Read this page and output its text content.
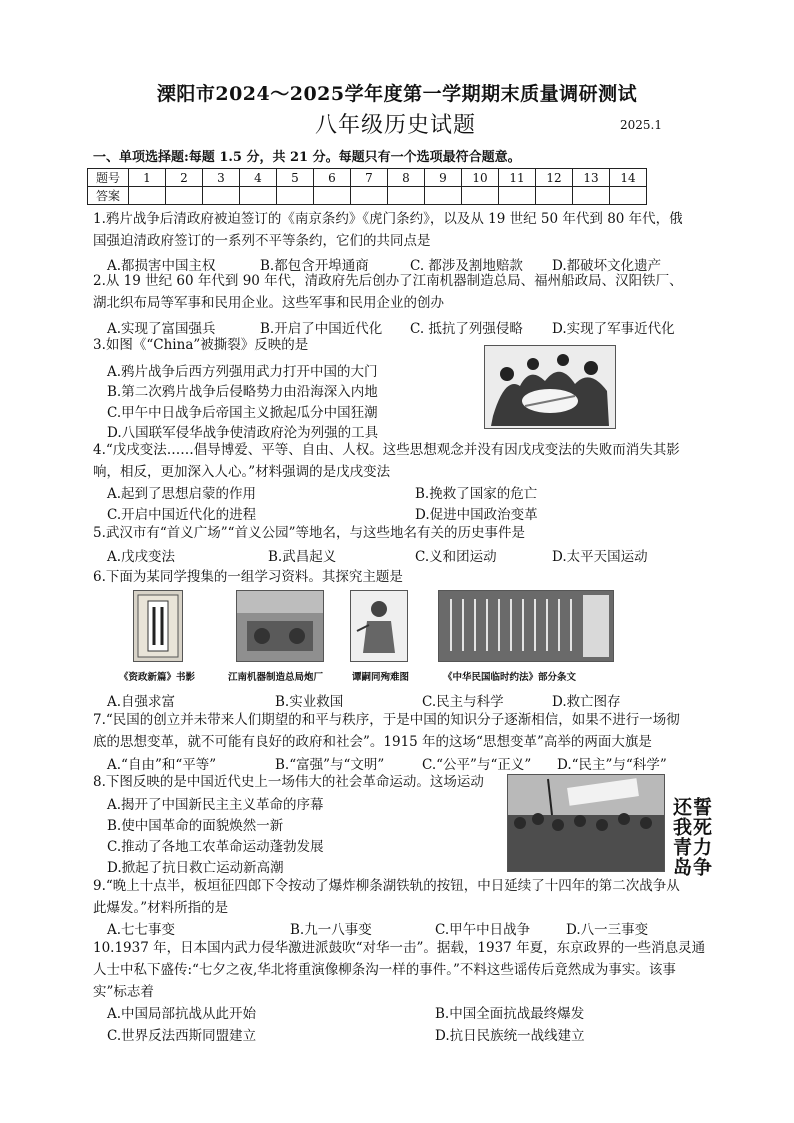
溧阳市2024～2025学年度第一学期期末质量调研测试
八年级历史试题	2025.1
一、单项选择题:每题 1.5 分，共 21 分。每题只有一个选项最符合题意。
题号	1	2	3	4	5	6	7	8	9	10	11	12	13	14
答案														
1.鸦片战争后清政府被迫签订的《南京条约》《虎门条约》，以及从 19 世纪 50 年代到 80 年代，俄
国强迫清政府签订的一系列不平等条约，它们的共同点是
A.都损害中国主权	B.都包含开埠通商	C. 都涉及割地赔款 D.都破坏文化遗产
2.从 19 世纪 60 年代到 90 年代，清政府先后创办了江南机器制造总局、福州船政局、汉阳铁厂、
湖北织布局等军事和民用企业。这些军事和民用企业的创办
A.实现了富国强兵	B.开启了中国近代化 C. 抵抗了列强侵略 D.实现了军事近代化
3.如图《“China”被撕裂》反映的是
A.鸦片战争后西方列强用武力打开中国的大门
B.第二次鸦片战争后侵略势力由沿海深入内地
C.甲午中日战争后帝国主义掀起瓜分中国狂潮
D.八国联军侵华战争使清政府沦为列强的工具
4.“戊戌变法……倡导博爱、平等、自由、人权。这些思想观念并没有因戊戌变法的失败而消失其影
响，相反，更加深入人心。”材料强调的是戊戌变法
A.起到了思想启蒙的作用	B.挽救了国家的危亡
C.开启中国近代化的进程	D.促进中国政治变革
5.武汉市有“首义广场”“首义公园”等地名，与这些地名有关的历史事件是
A.戊戌变法	B.武昌起义	C.义和团运动	D.太平天国运动
6.下面为某同学搜集的一组学习资料。其探究主题是
《资政新篇》书影	江南机器制造总局炮厂	谭嗣同殉难图	《中华民国临时约法》部分条文
A.自强求富	B.实业救国	C.民主与科学	D.救亡图存
7.“民国的创立并未带来人们期望的和平与秩序，于是中国的知识分子逐渐相信，如果不进行一场彻
底的思想变革，就不可能有良好的政府和社会”。1915 年的这场“思想变革”高举的两面大旗是
A.“自由”和“平等”	B.“富强”与“文明”	C.“公平”与“正义” D.“民主”与“科学”
8.下图反映的是中国近代史上一场伟大的社会革命运动。这场运动
A.揭开了中国新民主主义革命的序幕
B.使中国革命的面貌焕然一新
C.推动了各地工农革命运动蓬勃发展
D.掀起了抗日救亡运动新高潮	誓死力争
还我青岛
9.“晚上十点半，板垣征四郎下令按动了爆炸柳条湖铁轨的按钮，中日延续了十四年的第二次战争从
此爆发。”材料所指的是
A.七七事变	B.九一八事变	C.甲午中日战争	D.八一三事变
10.1937 年，日本国内武力侵华激进派鼓吹“对华一击”。据载，1937 年夏，东京政界的一些消息灵通
人士中私下盛传:“七夕之夜,华北将重演像柳条沟一样的事件。”不料这些谣传后竟然成为事实。该事
实”标志着
A.中国局部抗战从此开始	B.中国全面抗战最终爆发
C.世界反法西斯同盟建立	D.抗日民族统一战线建立
